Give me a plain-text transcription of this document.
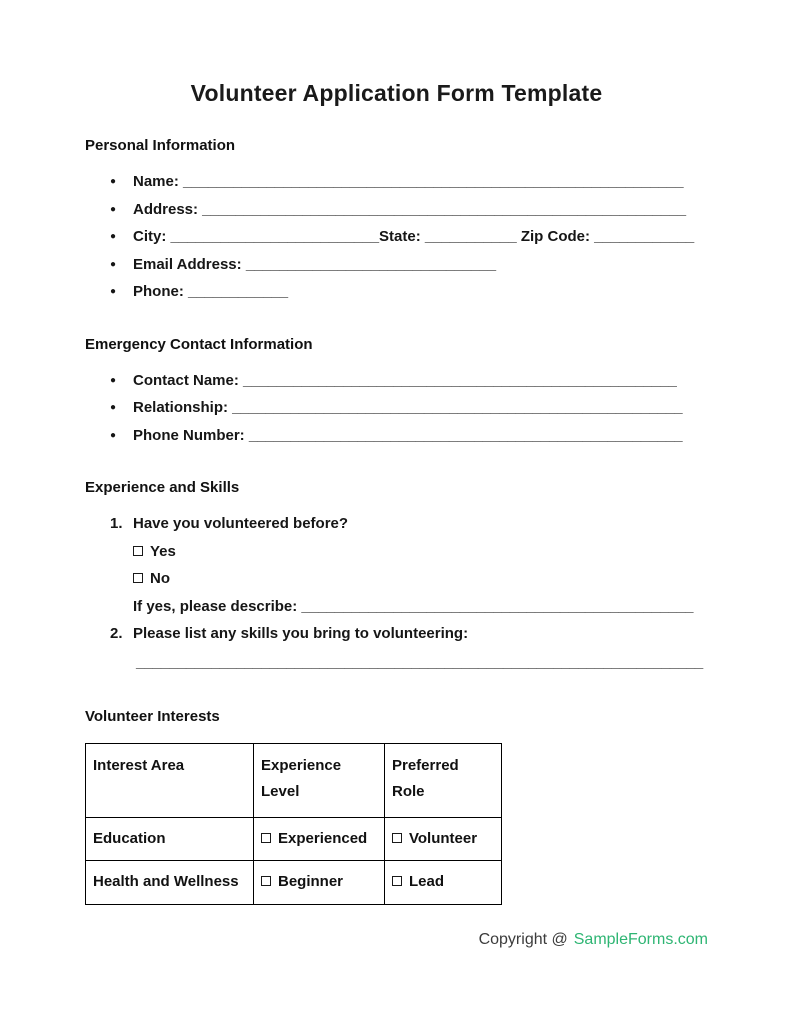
Volunteer Application Form Template
Personal Information
●
Name: ____________________________________________________________
●
Address: __________________________________________________________
●
City: _________________________State: ___________ Zip Code: ____________
●
Email Address: ______________________________
●
Phone: ____________
Emergency Contact Information
●
Contact Name: ____________________________________________________
●
Relationship: ______________________________________________________
●
Phone Number: ____________________________________________________
Experience and Skills
1. Have you volunteered before?
Yes
No
If yes, please describe: _______________________________________________
2. Please list any skills you bring to volunteering:
____________________________________________________________________
Volunteer Interests
Interest Area	Experience Level	Preferred Role
Education	Experienced	Volunteer
Health and Wellness	Beginner	Lead
Copyright @ SampleForms.com
